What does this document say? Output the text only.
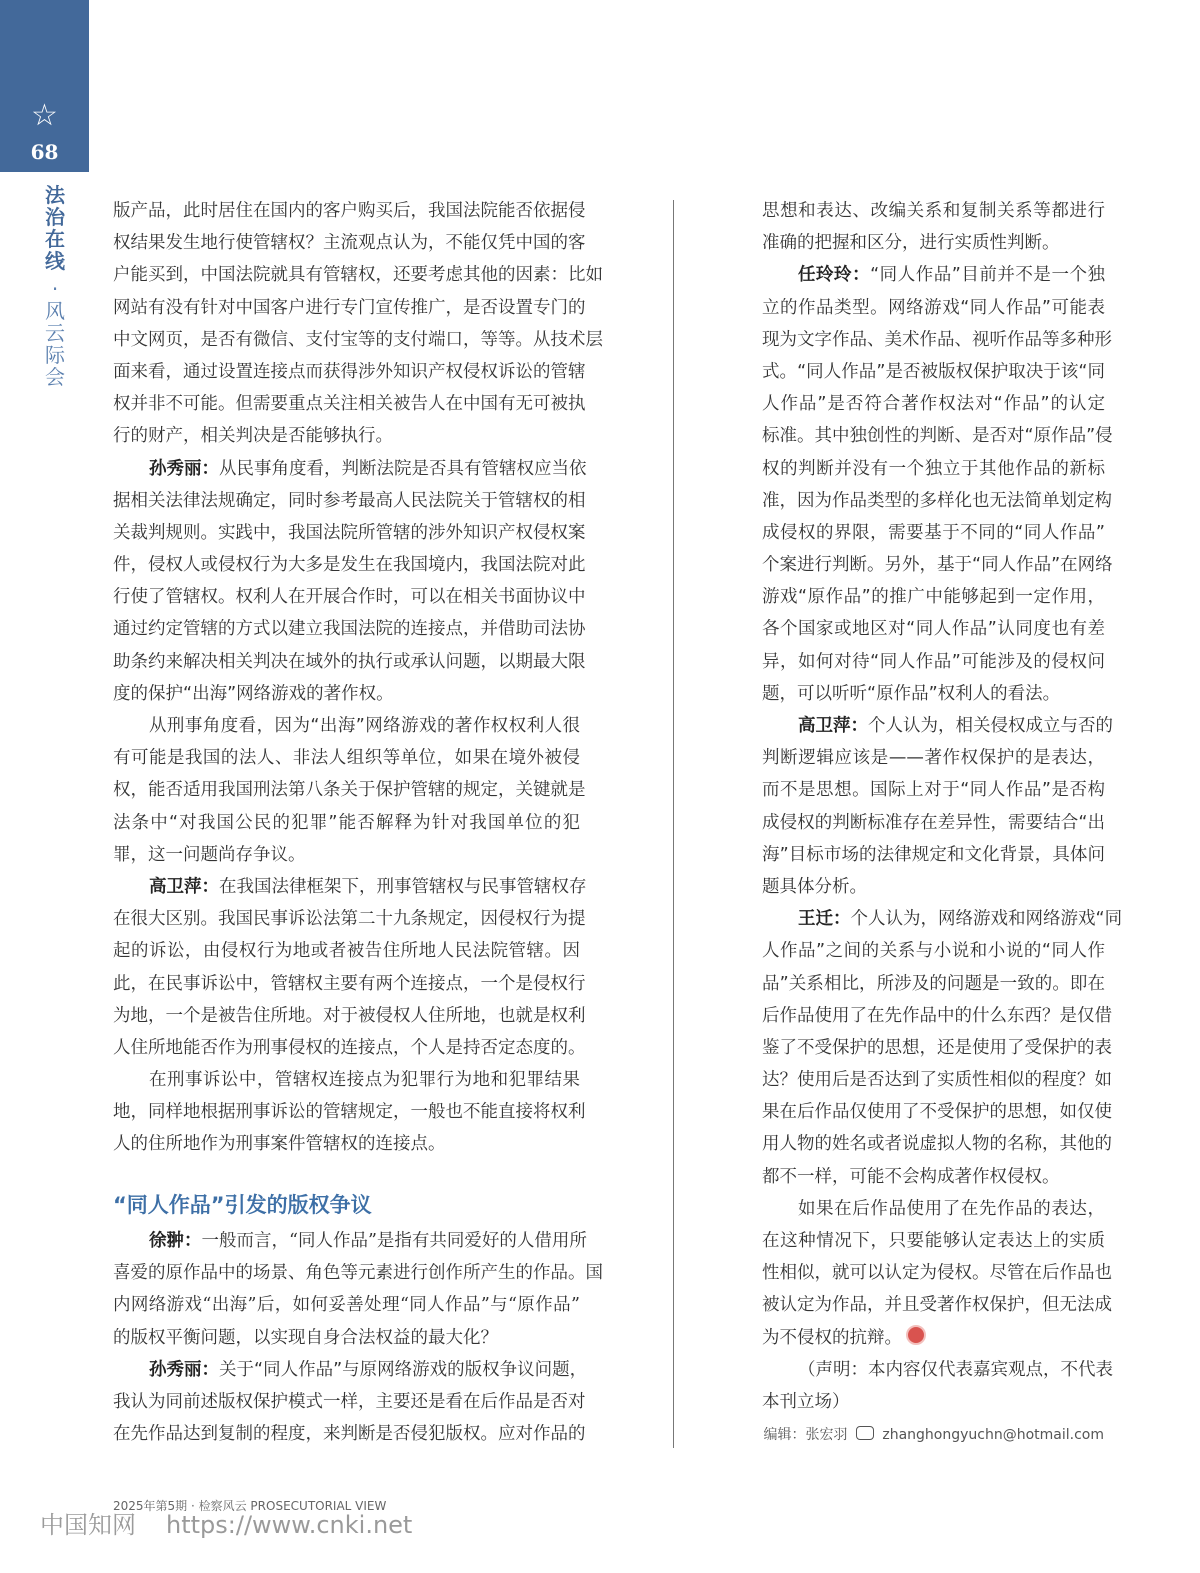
☆
68
法治在线
·风云际会
版产品，此时居住在国内的客户购买后，我国法院能否依据侵
权结果发生地行使管辖权？主流观点认为，不能仅凭中国的客
户能买到，中国法院就具有管辖权，还要考虑其他的因素：比如
网站有没有针对中国客户进行专门宣传推广，是否设置专门的
中文网页，是否有微信、支付宝等的支付端口，等等。从技术层
面来看，通过设置连接点而获得涉外知识产权侵权诉讼的管辖
权并非不可能。但需要重点关注相关被告人在中国有无可被执
行的财产，相关判决是否能够执行。
孙秀丽：从民事角度看，判断法院是否具有管辖权应当依
据相关法律法规确定，同时参考最高人民法院关于管辖权的相
关裁判规则。实践中，我国法院所管辖的涉外知识产权侵权案
件，侵权人或侵权行为大多是发生在我国境内，我国法院对此
行使了管辖权。权利人在开展合作时，可以在相关书面协议中
通过约定管辖的方式以建立我国法院的连接点，并借助司法协
助条约来解决相关判决在域外的执行或承认问题，以期最大限
度的保护“出海”网络游戏的著作权。
从刑事角度看，因为“出海”网络游戏的著作权权利人很
有可能是我国的法人、非法人组织等单位，如果在境外被侵
权，能否适用我国刑法第八条关于保护管辖的规定，关键就是
法条中“对我国公民的犯罪”能否解释为针对我国单位的犯
罪，这一问题尚存争议。
高卫萍：在我国法律框架下，刑事管辖权与民事管辖权存
在很大区别。我国民事诉讼法第二十九条规定，因侵权行为提
起的诉讼，由侵权行为地或者被告住所地人民法院管辖。因
此，在民事诉讼中，管辖权主要有两个连接点，一个是侵权行
为地，一个是被告住所地。对于被侵权人住所地，也就是权利
人住所地能否作为刑事侵权的连接点，个人是持否定态度的。
在刑事诉讼中，管辖权连接点为犯罪行为地和犯罪结果
地，同样地根据刑事诉讼的管辖规定，一般也不能直接将权利
人的住所地作为刑事案件管辖权的连接点。
“同人作品”引发的版权争议
徐翀：一般而言，“同人作品”是指有共同爱好的人借用所
喜爱的原作品中的场景、角色等元素进行创作所产生的作品。国
内网络游戏“出海”后，如何妥善处理“同人作品”与“原作品”
的版权平衡问题，以实现自身合法权益的最大化？
孙秀丽：关于“同人作品”与原网络游戏的版权争议问题，
我认为同前述版权保护模式一样，主要还是看在后作品是否对
在先作品达到复制的程度，来判断是否侵犯版权。应对作品的
思想和表达、改编关系和复制关系等都进行
准确的把握和区分，进行实质性判断。
任玲玲：“同人作品”目前并不是一个独
立的作品类型。网络游戏“同人作品”可能表
现为文字作品、美术作品、视听作品等多种形
式。“同人作品”是否被版权保护取决于该“同
人作品”是否符合著作权法对“作品”的认定
标准。其中独创性的判断、是否对“原作品”侵
权的判断并没有一个独立于其他作品的新标
准，因为作品类型的多样化也无法简单划定构
成侵权的界限，需要基于不同的“同人作品”
个案进行判断。另外，基于“同人作品”在网络
游戏“原作品”的推广中能够起到一定作用，
各个国家或地区对“同人作品”认同度也有差
异，如何对待“同人作品”可能涉及的侵权问
题，可以听听“原作品”权利人的看法。
高卫萍：个人认为，相关侵权成立与否的
判断逻辑应该是——著作权保护的是表达，
而不是思想。国际上对于“同人作品”是否构
成侵权的判断标准存在差异性，需要结合“出
海”目标市场的法律规定和文化背景，具体问
题具体分析。
王迁：个人认为，网络游戏和网络游戏“同
人作品”之间的关系与小说和小说的“同人作
品”关系相比，所涉及的问题是一致的。即在
后作品使用了在先作品中的什么东西？是仅借
鉴了不受保护的思想，还是使用了受保护的表
达？使用后是否达到了实质性相似的程度？如
果在后作品仅使用了不受保护的思想，如仅使
用人物的姓名或者说虚拟人物的名称，其他的
都不一样，可能不会构成著作权侵权。
如果在后作品使用了在先作品的表达，
在这种情况下，只要能够认定表达上的实质
性相似，就可以认定为侵权。尽管在后作品也
被认定为作品，并且受著作权保护，但无法成
为不侵权的抗辩。
（声明：本内容仅代表嘉宾观点，不代表
本刊立场）
编辑：张宏羽 zhanghongyuchn@hotmail.com
2025年第5期 · 检察风云 PROSECUTORIAL VIEW
中国知网 https://www.cnki.net
